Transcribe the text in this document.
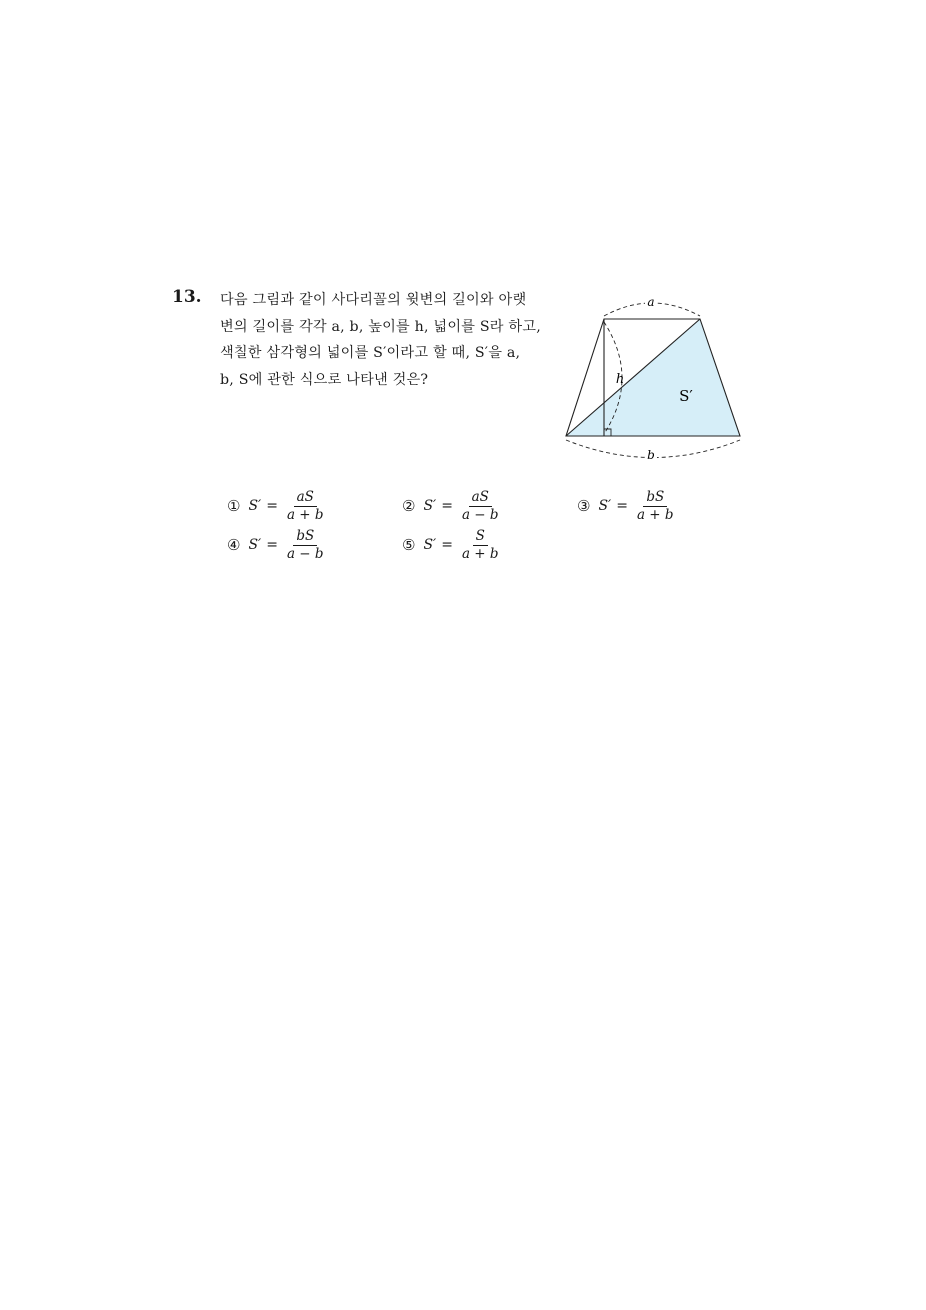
13. 다음 그림과 같이 사다리꼴의 윗변의 길이와 아랫
변의 길이를 각각 a, b, 높이를 h, 넓이를 S라 하고,
색칠한 삼각형의 넓이를 S′이라고 할 때, S′을 a,
b, S에 관한 식으로 나타낸 것은?
a
b
h
S′
① $S' = \frac{aS}{a + b}$	② $S' = \frac{aS}{a - b}$	③ $S' = \frac{bS}{a + b}$
④ $S' = \frac{bS}{a - b}$	⑤ $S' = \frac{S}{a + b}$
